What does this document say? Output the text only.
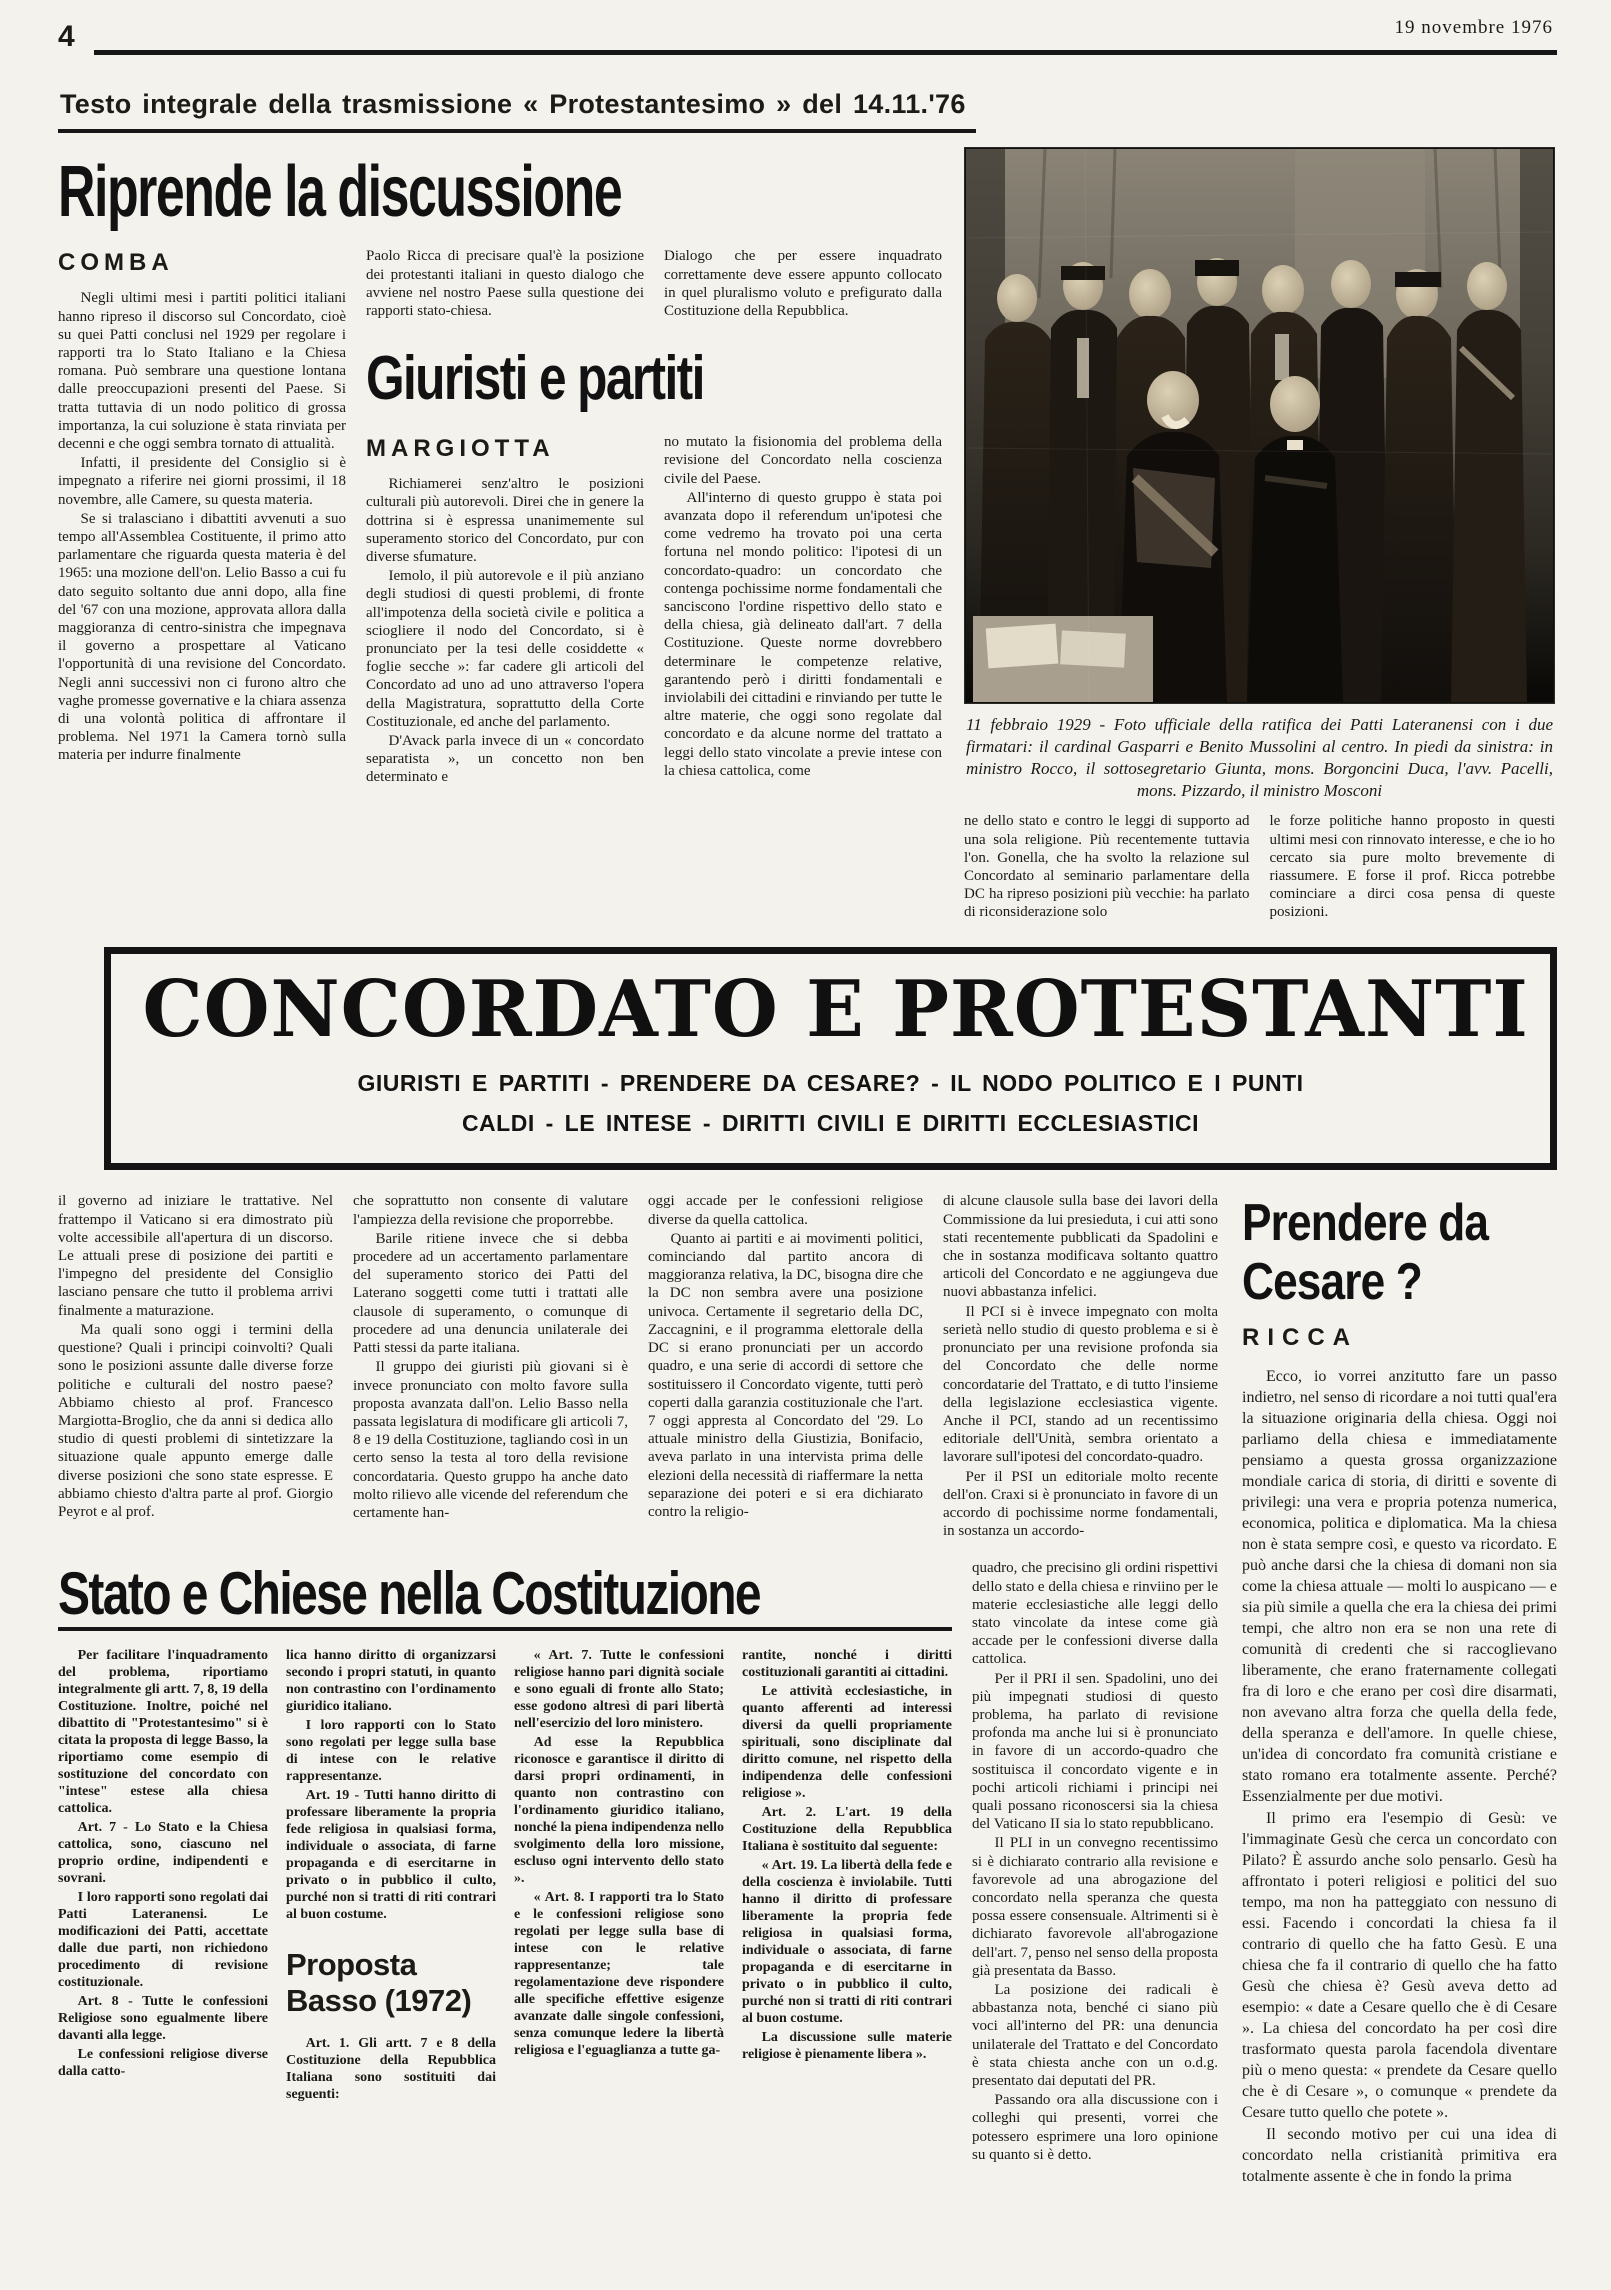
4	19 novembre 1976
Testo integrale della trasmissione « Protestantesimo » del 14.11.'76
Riprende la discussione
COMBA

Negli ultimi mesi i partiti politici italiani hanno ripreso il discorso sul Concordato, cioè su quei Patti conclusi nel 1929 per regolare i rapporti tra lo Stato Italiano e la Chiesa romana. Può sembrare una questione lontana dalle preoccupazioni presenti del Paese. Si tratta tuttavia di un nodo politico di grossa importanza, la cui soluzione è stata rinviata per decenni e che oggi sembra tornato di attualità.

Infatti, il presidente del Consiglio si è impegnato a riferire nei giorni prossimi, il 18 novembre, alle Camere, su questa materia.

Se si tralasciano i dibattiti avvenuti a suo tempo all'Assemblea Costituente, il primo atto parlamentare che riguarda questa materia è del 1965: una mozione dell'on. Lelio Basso a cui fu dato seguito soltanto due anni dopo, alla fine del '67 con una mozione, approvata allora dalla maggioranza di centro-sinistra che impegnava il governo a prospettare al Vaticano l'opportunità di una revisione del Concordato. Negli anni successivi non ci furono altro che vaghe promesse governative e la chiara assenza di una volontà politica di affrontare il problema. Nel 1971 la Camera tornò sulla materia per indurre finalmente

Paolo Ricca di precisare qual'è la posizione dei protestanti italiani in questo dialogo che avviene nel nostro Paese sulla questione dei rapporti stato-chiesa.

Dialogo che per essere inquadrato correttamente deve essere appunto collocato in quel pluralismo voluto e prefigurato dalla Costituzione della Repubblica.

Giuristi e partiti
MARGIOTTA

Richiamerei senz'altro le posizioni culturali più autorevoli. Direi che in genere la dottrina si è espressa unanimemente sul superamento storico del Concordato, pur con diverse sfumature.

Iemolo, il più autorevole e il più anziano degli studiosi di questi problemi, di fronte all'impotenza della società civile e politica a sciogliere il nodo del Concordato, si è pronunciato per la tesi delle cosiddette « foglie secche »: far cadere gli articoli del Concordato ad uno ad uno attraverso l'opera della Magistratura, soprattutto della Corte Costituzionale, ed anche del parlamento.

D'Avack parla invece di un « concordato separatista », un concetto non ben determinato e

no mutato la fisionomia del problema della revisione del Concordato nella coscienza civile del Paese.

All'interno di questo gruppo è stata poi avanzata dopo il referendum un'ipotesi che come vedremo ha trovato poi una certa fortuna nel mondo politico: l'ipotesi di un concordato-quadro: un concordato che contenga pochissime norme fondamentali che sanciscono l'ordine rispettivo dello stato e della chiesa, già delineato dall'art. 7 della Costituzione. Queste norme dovrebbero determinare le competenze relative, garantendo però i diritti fondamentali e inviolabili dei cittadini e rinviando per tutte le altre materie, che oggi sono regolate dal concordato e da alcune norme del trattato a leggi dello stato vincolate a previe intese con la chiesa cattolica, come

11 febbraio 1929 - Foto ufficiale della ratifica dei Patti Lateranensi con i due firmatari: il cardinal Gasparri e Benito Mussolini al centro. In piedi da sinistra: in ministro Rocco, il sottosegretario Giunta, mons. Borgoncini Duca, l'avv. Pacelli, mons. Pizzardo, il ministro Mosconi

ne dello stato e contro le leggi di supporto ad una sola religione. Più recentemente tuttavia l'on. Gonella, che ha svolto la relazione sul Concordato al seminario parlamentare della DC ha ripreso posizioni più vecchie: ha parlato di riconsiderazione solo

le forze politiche hanno proposto in questi ultimi mesi con rinnovato interesse, e che io ho cercato sia pure molto brevemente di riassumere. E forse il prof. Ricca potrebbe cominciare a dirci cosa pensa di queste posizioni.

CONCORDATO E PROTESTANTI
GIURISTI E PARTITI - PRENDERE DA CESARE? - IL NODO POLITICO E I PUNTI CALDI - LE INTESE - DIRITTI CIVILI E DIRITTI ECCLESIASTICI

il governo ad iniziare le trattative. Nel frattempo il Vaticano si era dimostrato più volte accessibile all'apertura di un discorso. Le attuali prese di posizione dei partiti e l'impegno del presidente del Consiglio lasciano pensare che tutto il problema arrivi finalmente a maturazione.

Ma quali sono oggi i termini della questione? Quali i principi coinvolti? Quali sono le posizioni assunte dalle diverse forze politiche e culturali del nostro paese? Abbiamo chiesto al prof. Francesco Margiotta-Broglio, che da anni si dedica allo studio di questi problemi di sintetizzare la situazione quale appunto emerge dalle diverse posizioni che sono state espresse. E abbiamo chiesto d'altra parte al prof. Giorgio Peyrot e al prof.

che soprattutto non consente di valutare l'ampiezza della revisione che proporrebbe.

Barile ritiene invece che si debba procedere ad un accertamento parlamentare del superamento storico dei Patti del Laterano soggetti come tutti i trattati alle clausole di superamento, o comunque di procedere ad una denuncia unilaterale dei Patti stessi da parte italiana.

Il gruppo dei giuristi più giovani si è invece pronunciato con molto favore sulla proposta avanzata dall'on. Lelio Basso nella passata legislatura di modificare gli articoli 7, 8 e 19 della Costituzione, tagliando così in un certo senso la testa al toro della revisione concordataria. Questo gruppo ha anche dato molto rilievo alle vicende del referendum che certamente han-

oggi accade per le confessioni religiose diverse da quella cattolica.

Quanto ai partiti e ai movimenti politici, cominciando dal partito ancora di maggioranza relativa, la DC, bisogna dire che la DC non sembra avere una posizione univoca. Certamente il segretario della DC, Zaccagnini, e il programma elettorale della DC si erano pronunciati per un accordo quadro, e una serie di accordi di settore che sostituissero il Concordato vigente, tutti però coperti dalla garanzia costituzionale che l'art. 7 oggi appresta al Concordato del '29. Lo attuale ministro della Giustizia, Bonifacio, aveva parlato in una intervista prima delle elezioni della necessità di riaffermare la netta separazione dei poteri e si era dichiarato contro la religio-

di alcune clausole sulla base dei lavori della Commissione da lui presieduta, i cui atti sono stati recentemente pubblicati da Spadolini e che in sostanza modificava soltanto quattro articoli del Concordato e ne aggiungeva due nuovi abbastanza infelici.

Il PCI si è invece impegnato con molta serietà nello studio di questo problema e si è pronunciato per una revisione profonda sia del Concordato che delle norme concordatarie del Trattato, e di tutto l'insieme della legislazione ecclesiastica vigente. Anche il PCI, stando ad un recentissimo editoriale dell'Unità, sembra orientato a lavorare sull'ipotesi del concordato-quadro.

Per il PSI un editoriale molto recente dell'on. Craxi si è pronunciato in favore di un accordo di pochissime norme fondamentali, in sostanza un accordo-

Stato e Chiese nella Costituzione

Per facilitare l'inquadramento del problema, riportiamo integralmente gli artt. 7, 8, 19 della Costituzione. Inoltre, poiché nel dibattito di "Protestantesimo" si è citata la proposta di legge Basso, la riportiamo come esempio di sostituzione del concordato con "intese" estese alla chiesa cattolica.

Art. 7 - Lo Stato e la Chiesa cattolica, sono, ciascuno nel proprio ordine, indipendenti e sovrani.

I loro rapporti sono regolati dai Patti Lateranensi. Le modificazioni dei Patti, accettate dalle due parti, non richiedono procedimento di revisione costituzionale.

Art. 8 - Tutte le confessioni Religiose sono egualmente libere davanti alla legge.

Le confessioni religiose diverse dalla catto-

lica hanno diritto di organizzarsi secondo i propri statuti, in quanto non contrastino con l'ordinamento giuridico italiano.

I loro rapporti con lo Stato sono regolati per legge sulla base di intese con le relative rappresentanze.

Art. 19 - Tutti hanno diritto di professare liberamente la propria fede religiosa in qualsiasi forma, individuale o associata, di farne propaganda e di esercitarne in privato o in pubblico il culto, purché non si tratti di riti contrari al buon costume.

Proposta Basso (1972)

Art. 1. Gli artt. 7 e 8 della Costituzione della Repubblica Italiana sono sostituiti dai seguenti:

« Art. 7. Tutte le confessioni religiose hanno pari dignità sociale e sono eguali di fronte allo Stato; esse godono altresì di pari libertà nell'esercizio del loro ministero.

Ad esse la Repubblica riconosce e garantisce il diritto di darsi propri ordinamenti, in quanto non contrastino con l'ordinamento giuridico italiano, nonché la piena indipendenza nello svolgimento della loro missione, escluso ogni intervento dello stato ».

« Art. 8. I rapporti tra lo Stato e le confessioni religiose sono regolati per legge sulla base di intese con le relative rappresentanze; tale regolamentazione deve rispondere alle specifiche effettive esigenze avanzate dalle singole confessioni, senza comunque ledere la libertà religiosa e l'eguaglianza a tutte ga-

rantite, nonché i diritti costituzionali garantiti ai cittadini.

Le attività ecclesiastiche, in quanto afferenti ad interessi diversi da quelli propriamente spirituali, sono disciplinate dal diritto comune, nel rispetto della indipendenza delle confessioni religiose ».

Art. 2. L'art. 19 della Costituzione della Repubblica Italiana è sostituito dal seguente:

« Art. 19. La libertà della fede e della coscienza è inviolabile. Tutti hanno il diritto di professare liberamente la propria fede religiosa in qualsiasi forma, individuale o associata, di farne propaganda e di esercitarne in privato o in pubblico il culto, purché non si tratti di riti contrari al buon costume.

La discussione sulle materie religiose è pienamente libera ».

quadro, che precisino gli ordini rispettivi dello stato e della chiesa e rinviino per le materie ecclesiastiche alle leggi dello stato vincolate da intese come già accade per le confessioni diverse dalla cattolica.

Per il PRI il sen. Spadolini, uno dei più impegnati studiosi di questo problema, ha parlato di revisione profonda ma anche lui si è pronunciato in favore di un accordo-quadro che sostituisca il concordato vigente e in pochi articoli richiami i principi nei quali possano riconoscersi sia la chiesa del Vaticano II sia lo stato repubblicano.

Il PLI in un convegno recentissimo si è dichiarato contrario alla revisione e favorevole ad una abrogazione del concordato nella speranza che questa possa essere consensuale. Altrimenti si è dichiarato favorevole all'abrogazione dell'art. 7, penso nel senso della proposta già presentata da Basso.

La posizione dei radicali è abbastanza nota, benché ci siano più voci all'interno del PR: una denuncia unilaterale del Trattato e del Concordato è stata chiesta anche con un o.d.g. presentato dai deputati del PR.

Passando ora alla discussione con i colleghi qui presenti, vorrei che potessero esprimere una loro opinione su quanto si è detto.

Prendere da Cesare ?
RICCA

Ecco, io vorrei anzitutto fare un passo indietro, nel senso di ricordare a noi tutti qual'era la situazione originaria della chiesa. Oggi noi parliamo della chiesa e immediatamente pensiamo a questa grossa organizzazione mondiale carica di storia, di diritti e sovente di privilegi: una vera e propria potenza numerica, economica, politica e diplomatica. Ma la chiesa non è stata sempre così, e questo va ricordato. E può anche darsi che la chiesa di domani non sia come la chiesa attuale — molti lo auspicano — e sia più simile a quella che era la chiesa dei primi tempi, che altro non era se non una rete di comunità di credenti che si raccoglievano liberamente, che erano fraternamente collegati fra di loro e che erano per così dire disarmati, non avevano altra forza che quella della fede, della speranza e dell'amore. In quelle chiese, un'idea di concordato fra comunità cristiane e stato romano era totalmente assente. Perché? Essenzialmente per due motivi.

Il primo era l'esempio di Gesù: ve l'immaginate Gesù che cerca un concordato con Pilato? È assurdo anche solo pensarlo. Gesù ha affrontato i poteri religiosi e politici del suo tempo, ma non ha patteggiato con nessuno di essi. Facendo i concordati la chiesa fa il contrario di quello che ha fatto Gesù. E una chiesa che fa il contrario di quello che ha fatto Gesù che chiesa è? Gesù aveva detto ad esempio: « date a Cesare quello che è di Cesare ». La chiesa del concordato ha per così dire trasformato questa parola facendola diventare più o meno questa: « prendete da Cesare quello che è di Cesare », o comunque « prendete da Cesare tutto quello che potete ».

Il secondo motivo per cui una idea di concordato nella cristianità primitiva era totalmente assente è che in fondo la prima
